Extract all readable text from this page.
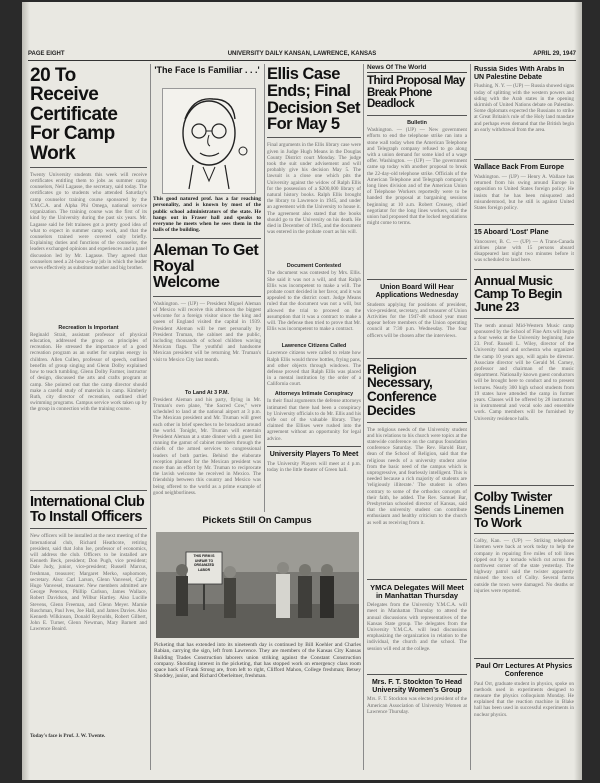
PAGE EIGHT	UNIVERSITY DAILY KANSAN, LAWRENCE, KANSAS	APRIL 29, 1947
20 To Receive Certificate For Camp Work
Twenty University students this week will receive certificates entitling them to jobs as summer camp counselors, Neil Lagasse, the secretary, said today. The certificates go to students who attended Saturday's camp counselor training course sponsored by the Y.M.C.A. and Alpha Phi Omega, national service organization. The training course was the first of its kind by the University during the past six years. Mr. Lagasse said he felt trainees got a pretty good idea of what to expect in summer camp work, and that the counselors trained were covered only briefly. Explaining duties and functions of the counselor, the leaders exchanged opinions and experiences and a panel discussion led by Mr. Lagasse. They agreed that counselors need a 24-hour-a-day job in which the leader serves effectively as substitute mother and big brother.
Recreation Is Important
Reginald Strait, assistant professor of physical education, addressed the group on principles of recreation. He stressed the importance of a good recreation program as an outlet for surplus energy in children. Allen Cullen, professor of speech, outlined benefits of group singing and Glenn Dolby explained how to teach tumbling. Glenn Dolby Farmer, instructor of design, discussed the arts and crafts program at camp. She pointed out that the camp director should make a careful study of materials in camp. Kimberly Ruth, city director of recreation, outlined chief swimming programs. Campus service work taken up by the group in connection with the training course.
International Club To Install Officers
New officers will be installed at the next meeting of the International club, Richard Heathcote, retiring president, said that John Ise, professor of economics, will address the club. Officers to be installed are Kenneth Beck, president; Don Pugh, vice president; Dale Judy, junior, vice-president; Russell Marcus, freshman, treasurer; Margaret Merko, sophomore, secretary. Also: Carl Larson, Glenn Vanvesel, Carly Hugo Vanvesel, treasurer. New members admitted are George Peterson, Phillip Carlson, James Wallace, Robert Davidson, and Wilbur Hartley. Also Lucille Stevens, Glenn Freeman, and Glenn Meyer. Marnie Ruschman, Paul Ives, Joe Hall, and James Davies. Also Kenneth Wilkinson, Donald Reynolds, Robert Gilbert, John E. Turner, Glenn Newman, Mary Barnett and Lawrence Beaird.
Today's face is Prof. J. W. Twente.
'The Face Is Familiar . . .'
This good natured prof. has a far reaching personality, and is known by most of the public school administrators of the state. He hangs out in Fraser hall and speaks to everyone he meets when he sees them in the halls of the building.
Aleman To Get Royal Welcome
Washington. — (UP) — President Miguel Aleman of Mexico will receive this afternoon the biggest welcome for a foreign visitor since the king and queen of England visited the capital in 1939. President Aleman will be met personally by President Truman, the cabinet and the public, including thousands of school children waving Mexican flags. The youthful and handsome Mexican president will be returning Mr. Truman's visit to Mexico City last month.
To Land At 3 P.M.
President Aleman and his party, flying in Mr. Truman's own plane, "the Sacred Cow," were scheduled to land at the national airport at 3 p.m. The Mexican president and Mr. Truman will greet each other in brief speeches to be broadcast around the world. Tonight, Mr. Truman will entertain President Aleman at a state dinner with a guest list running the gamut of cabinet members through the chiefs of the armed services to congressional leaders of both parties. Behind the elaborate reception planned for the Mexican president was more than an effort by Mr. Truman to reciprocate the lavish welcome he received in Mexico. The friendship between this country and Mexico was being offered to the world as a prime example of good neighborliness.
Ellis Case Ends; Final Decision Set For May 5
Final arguments in the Ellis library case were given in Judge Hugh Means in the Douglas County District court Monday. The judge took the suit under advisement and will probably give his decision May 5. The lawsuit is a close one which pits the University against the widow of Ralph Ellis for the possession of a $200,000 library of natural history books. Ralph Ellis brought the library to Lawrence in 1945, and under an agreement with the University to house it. The agreement also stated that the books should go to the University on his death. He died in December of 1945, and the document was entered in the probate court as his will.
Document Contested
The document was contested by Mrs. Ellis. She said it was not a will, and that Ralph Ellis was incompetent to make a will. The probate court decided in her favor, and it was appealed to the district court. Judge Means ruled that the document was not a will, but allowed the trial to proceed on the assumption that it was a contract to make a will. The defense then tried to prove that Mr. Ellis was incompetent to make a contract.
Lawrence Citizens Called
Lawrence citizens were called to relate how Ralph Ellis would throw bottles, frying pans, and other objects through windows. The defense proved that Ralph Ellis was placed in a mental institution by the order of a California court.
Attorneys Intimate Conspiracy
In their final arguments the defense attorneys intimated that there had been a conspiracy by University officials to do Mr. Ellis and his wife out of the valuable library. They claimed the Ellises were rushed into the agreement without an opportunity for legal advice.
University Players To Meet
The University Players will meet at 4 p.m. today in the little theater of Green hall.
Pickets Still On Campus
THIS FIRM IS UNFAIR TO ORGANIZED LABOR
Picketing that has extended into its nineteenth day is continued by Bill Koehler and Charles Rabian, carrying the sign, left from Lawrence. They are members of the Kansas City Kansas Building Trades Construction laborers union striking against the Constant Construction company. Shouting interest in the picketing, that has stopped work on emergency class room space back of Frank Strong are, from left to right, Clifford Mahon, College freshman; Betsey Shoddey, junior, and Richard Oberleitner, freshman.
News Of The World
Third Proposal May Break Phone Deadlock
Bulletin
Washington. — (UP) — New government efforts to end the telephone strike ran into a stone wall today when the American Telephone and Telegraph company refused to go along with a union demand for some kind of a wage offer. Washington. — (UP) — The government came up today with another proposal to break the 22-day-old telephone strike. Officials of the American Telephone and Telegraph company's long lines division and of the American Union of Telephone Workers reportedly were to be handed the proposal at bargaining sessions beginning at 10 a.m. Robert Creasey, chief negotiator for the long lines workers, said the union had proposed that the locked negotiations might come to terms.
Union Board Will Hear Applications Wednesday
Students applying for positions of president, vice-president, secretary, and treasurer of Union Activities for the 1947-48 school year must appear before members of the Union operating council at 7:30 p.m. Wednesday. The four officers will be chosen after the interviews.
Religion Necessary, Conference Decides
The religious needs of the University student and his relations to his church were topics at the statewide conference on the campus foundation conference Saturday. The Rev. Harold Barr, dean of the School of Religion, said that the religious needs of a university student arise from the basic need of the campus which is unprogressive, and fearlessly intelligent. This is needed because a rich majority of students are 'religiously illiterate.' The student is often contrary to some of the orthodox concepts of their faith, he added. The Rev. Samuel Bar, Presbyterian schooled director of Kansas, said that the university student can contribute enthusiasm and healthy criticism to the church as well as receiving from it.
YMCA Delegates Will Meet in Manhattan Thursday
Delegates from the University Y.M.C.A. will meet in Manhattan Thursday to attend the annual discussions with representatives of the Kansas State group. The delegates from the University Y.M.C.A. will lead discussions emphasizing the organization in relation to the individual, the church and the school. The session will end at the college.
Mrs. F. T. Stockton To Head University Women's Group
Mrs. F. T. Stockton was elected president of the American Association of University Women at Lawrence Thursday.
Russia Sides With Arabs In UN Palestine Debate
Flushing, N. Y. — (UP) — Russia showed signs today of splitting with the western powers and siding with the Arab states in the opening skirmish of United Nations debate on Palestine. Some diplomats expected the Russians to strike at Great Britain's rule of the Holy land mandate and perhaps even demand that the British begin an early withdrawal from the area.
Wallace Back From Europe
Washington. — (UP) — Henry A. Wallace has returned from his swing around Europe in opposition to United States foreign policy. He insists that he has been misquoted and misunderstood, but he still is against United States foreign policy.
15 Aboard 'Lost' Plane
Vancouver, B. C. — (UP) — A Trans-Canada airlines plane with 15 persons aboard disappeared last night two minutes before it was scheduled to land here.
Annual Music Camp To Begin June 23
The tenth annual Mid-Western Music camp sponsored by the School of Fine Arts will begin a four weeks at the University beginning June 23. Prof. Russell L. Wiley, director of the University band and orchestra who organized the camp 10 years ago, will again be director. Associate director will be Gerald M. Carney, professor and chairman of the music department. Nationally known guest conductors will be brought here to conduct and to present lectures. Nearly 300 high school students from 19 states have attended the camp in former years. Classes will be offered by 28 instructors in instrumental and vocal solo and ensemble work. Camp members will be furnished by University residence halls.
Colby Twister Sends Linemen To Work
Colby, Kan. — (UP) — Striking telephone linemen were back at work today to help the company in repairing five miles of toll lines ripped out by a tornado which cut across the northwest corner of the state yesterday. The highway patrol said the twister apparently missed the town of Colby. Several farms outside the town were damaged. No deaths or injuries were reported.
Paul Orr Lectures At Physics Conference
Paul Orr, graduate student in physics, spoke on methods used in experiments designed to measure the physics colloquium Monday. He explained that the reaction machine in Blake hall has been used in successful experiments in nuclear physics.
